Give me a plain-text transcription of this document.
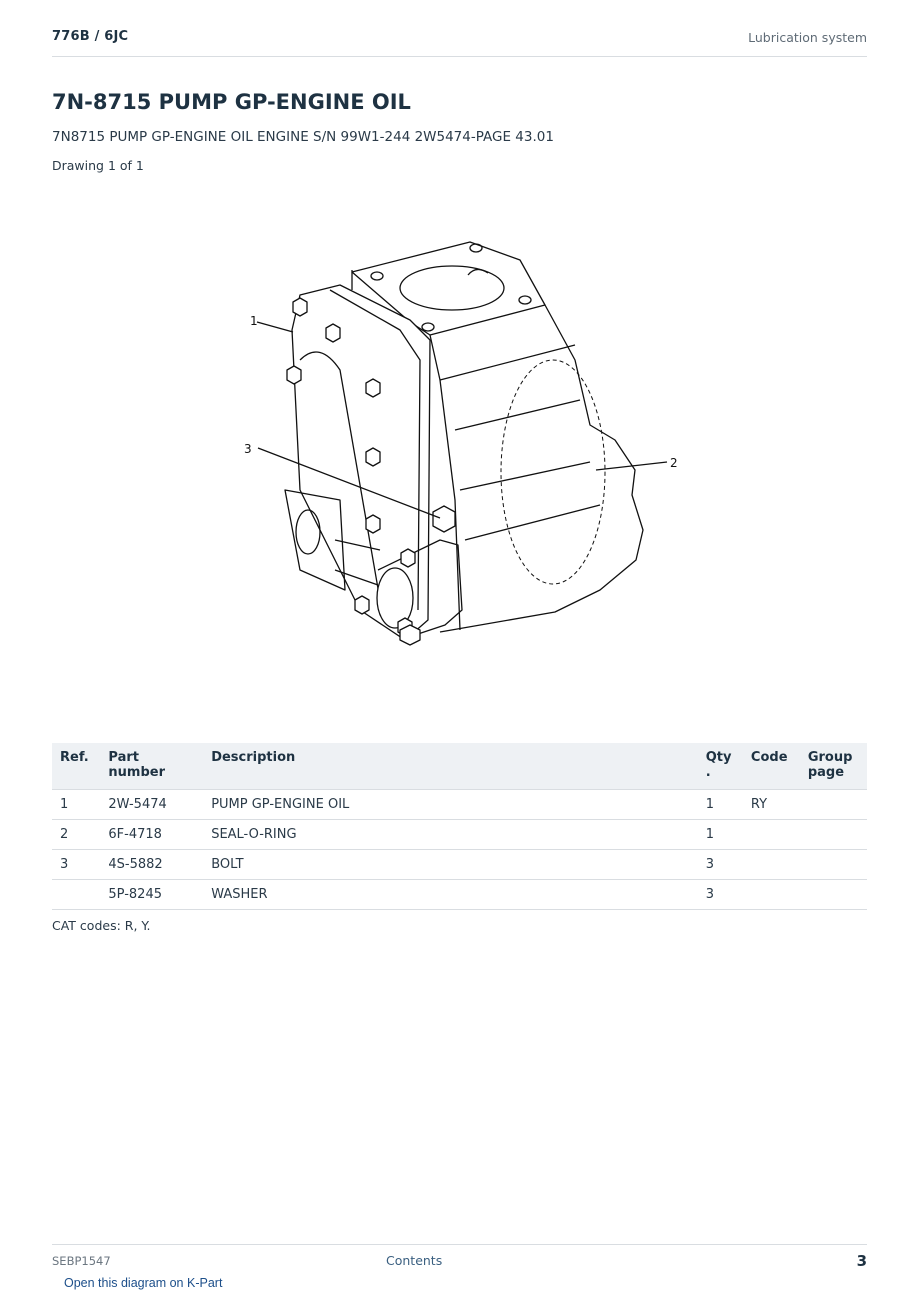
776B / 6JC	Lubrication system
7N-8715 PUMP GP-ENGINE OIL
7N8715 PUMP GP-ENGINE OIL ENGINE S/N 99W1-244 2W5474-PAGE 43.01
Drawing 1 of 1
1
2
3
Ref.	Part number	Description	Qty .	Code	Group page
1	2W-5474	PUMP GP-ENGINE OIL	1	RY	
2	6F-4718	SEAL-O-RING	1		
3	4S-5882	BOLT	3		
	5P-8245	WASHER	3		
CAT codes: R, Y.
SEBP1547	Contents	3
Open this diagram on K-Part
